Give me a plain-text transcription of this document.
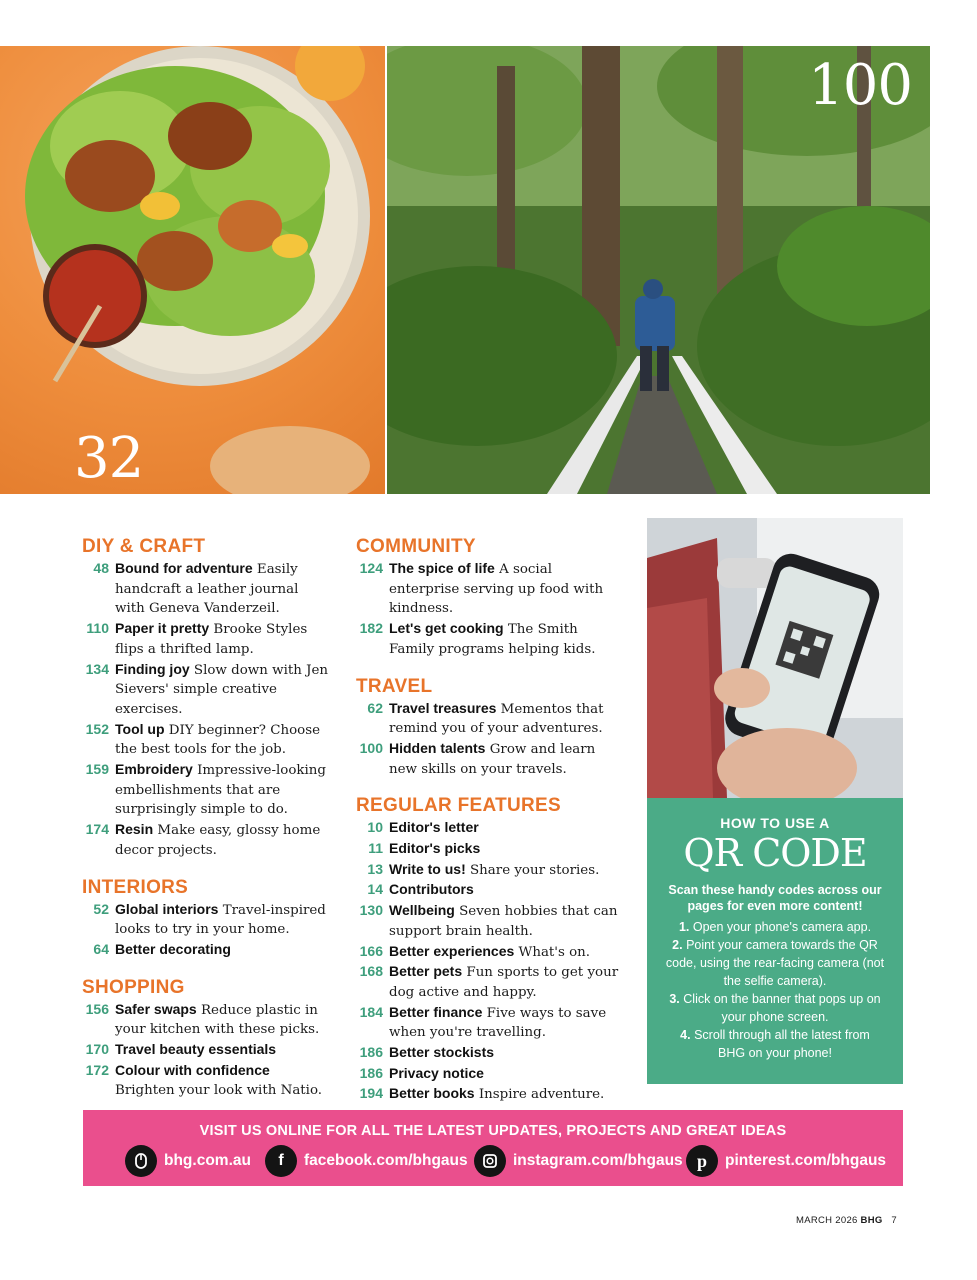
32
100
DIY & CRAFT
48 Bound for adventure Easily handcraft a leather journal with Geneva Vanderzeil.
110 Paper it pretty Brooke Styles flips a thrifted lamp.
134 Finding joy Slow down with Jen Sievers' simple creative exercises.
152 Tool up DIY beginner? Choose the best tools for the job.
159 Embroidery Impressive-looking embellishments that are surprisingly simple to do.
174 Resin Make easy, glossy home decor projects.
INTERIORS
52 Global interiors Travel-inspired looks to try in your home.
64 Better decorating
SHOPPING
156 Safer swaps Reduce plastic in your kitchen with these picks.
170 Travel beauty essentials
172 Colour with confidence Brighten your look with Natio.
COMMUNITY
124 The spice of life A social enterprise serving up food with kindness.
182 Let's get cooking The Smith Family programs helping kids.
TRAVEL
62 Travel treasures Mementos that remind you of your adventures.
100 Hidden talents Grow and learn new skills on your travels.
REGULAR FEATURES
10 Editor's letter
11 Editor's picks
13 Write to us! Share your stories.
14 Contributors
130 Wellbeing Seven hobbies that can support brain health.
166 Better experiences What's on.
168 Better pets Fun sports to get your dog active and happy.
184 Better finance Five ways to save when you're travelling.
186 Better stockists
186 Privacy notice
194 Better books Inspire adventure.
HOW TO USE A
QR CODE
Scan these handy codes across our pages for even more content!
1. Open your phone's camera app.
2. Point your camera towards the QR code, using the rear-facing camera (not the selfie camera).
3. Click on the banner that pops up on your phone screen.
4. Scroll through all the latest from BHG on your phone!
VISIT US ONLINE FOR ALL THE LATEST UPDATES, PROJECTS AND GREAT IDEAS
bhg.com.au	f	facebook.com/bhgaus	instagram.com/bhgaus p	pinterest.com/bhgaus
MARCH 2026 BHG 7
